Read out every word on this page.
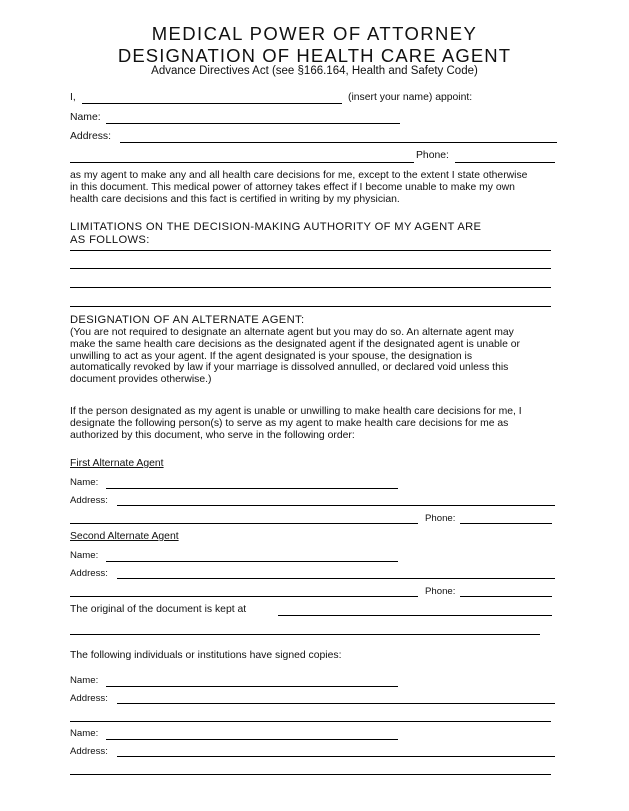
MEDICAL POWER OF ATTORNEY
DESIGNATION OF HEALTH CARE AGENT
Advance Directives Act (see §166.164, Health and Safety Code)
I,	(insert your name) appoint:
Name:
Address:
Phone:
as my agent to make any and all health care decisions for me, except to the extent I state otherwise
in this document. This medical power of attorney takes effect if I become unable to make my own
health care decisions and this fact is certified in writing by my physician.
LIMITATIONS ON THE DECISION-MAKING AUTHORITY OF MY AGENT ARE
AS FOLLOWS:
DESIGNATION OF AN ALTERNATE AGENT:
(You are not required to designate an alternate agent but you may do so. An alternate agent may
make the same health care decisions as the designated agent if the designated agent is unable or
unwilling to act as your agent. If the agent designated is your spouse, the designation is
automatically revoked by law if your marriage is dissolved annulled, or declared void unless this
document provides otherwise.)
If the person designated as my agent is unable or unwilling to make health care decisions for me, I
designate the following person(s) to serve as my agent to make health care decisions for me as
authorized by this document, who serve in the following order:
First Alternate Agent
Name:
Address:
Phone:
Second Alternate Agent
Name:
Address:
Phone:
The original of the document is kept at
The following individuals or institutions have signed copies:
Name:
Address:
Name:
Address:
